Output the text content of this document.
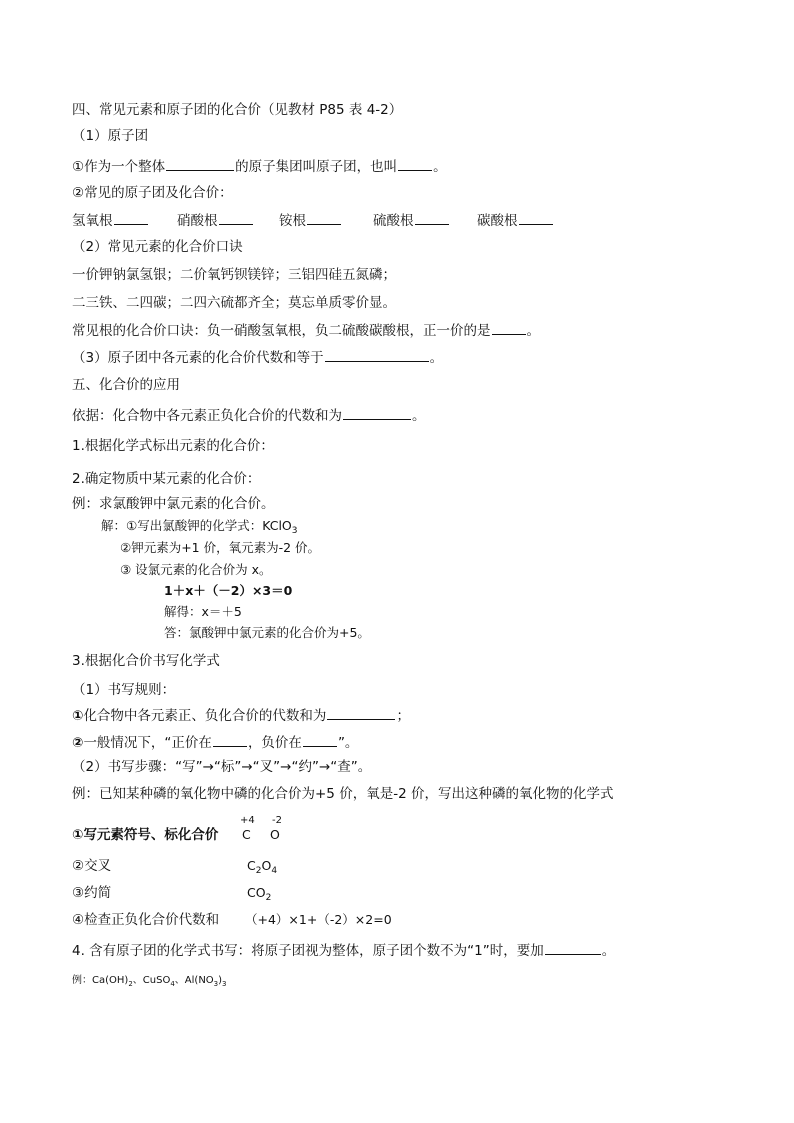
四、常见元素和原子团的化合价（见教材 P85 表 4-2）
（1）原子团
①作为一个整体	的原子集团叫原子团，也叫	。
②常见的原子团及化合价：
氢氧根	硝酸根	铵根	硫酸根	碳酸根
（2）常见元素的化合价口诀
一价钾钠氯氢银；二价氧钙钡镁锌；三铝四硅五氮磷；
二三铁、二四碳；二四六硫都齐全；莫忘单质零价显。
常见根的化合价口诀：负一硝酸氢氧根，负二硫酸碳酸根，正一价的是	。
（3）原子团中各元素的化合价代数和等于	。
五、化合价的应用
依据：化合物中各元素正负化合价的代数和为	。
1.根据化学式标出元素的化合价：
2.确定物质中某元素的化合价：
例：求氯酸钾中氯元素的化合价。
解：①写出氯酸钾的化学式：KClO$_3$
②钾元素为+1 价，氧元素为-2 价。
③ 设氯元素的化合价为 x。
1＋x＋（－2）×3＝0
解得：x＝＋5
答：氯酸钾中氯元素的化合价为+5。
3.根据化合价书写化学式
（1）书写规则：
①化合物中各元素正、负化合价的代数和为	；
②一般情况下，“正价在	，负价在	”。
（2）书写步骤：“写”→“标”→“叉”→“约”→“查”。
例：已知某种磷的氧化物中磷的化合价为+5 价，氧是-2 价，写出这种磷的氧化物的化学式
+4 -2
①写元素符号、标化合价 C O
②交叉	$C_2O_4$
③约简	$CO_2$
④检查正负化合价代数和 （+4）×1+（-2）×2=0
4. 含有原子团的化学式书写：将原子团视为整体，原子团个数不为“1”时，要加	。
例：$Ca(OH)_2$、CuSO$_4$、$Al(NO_3)_3$
